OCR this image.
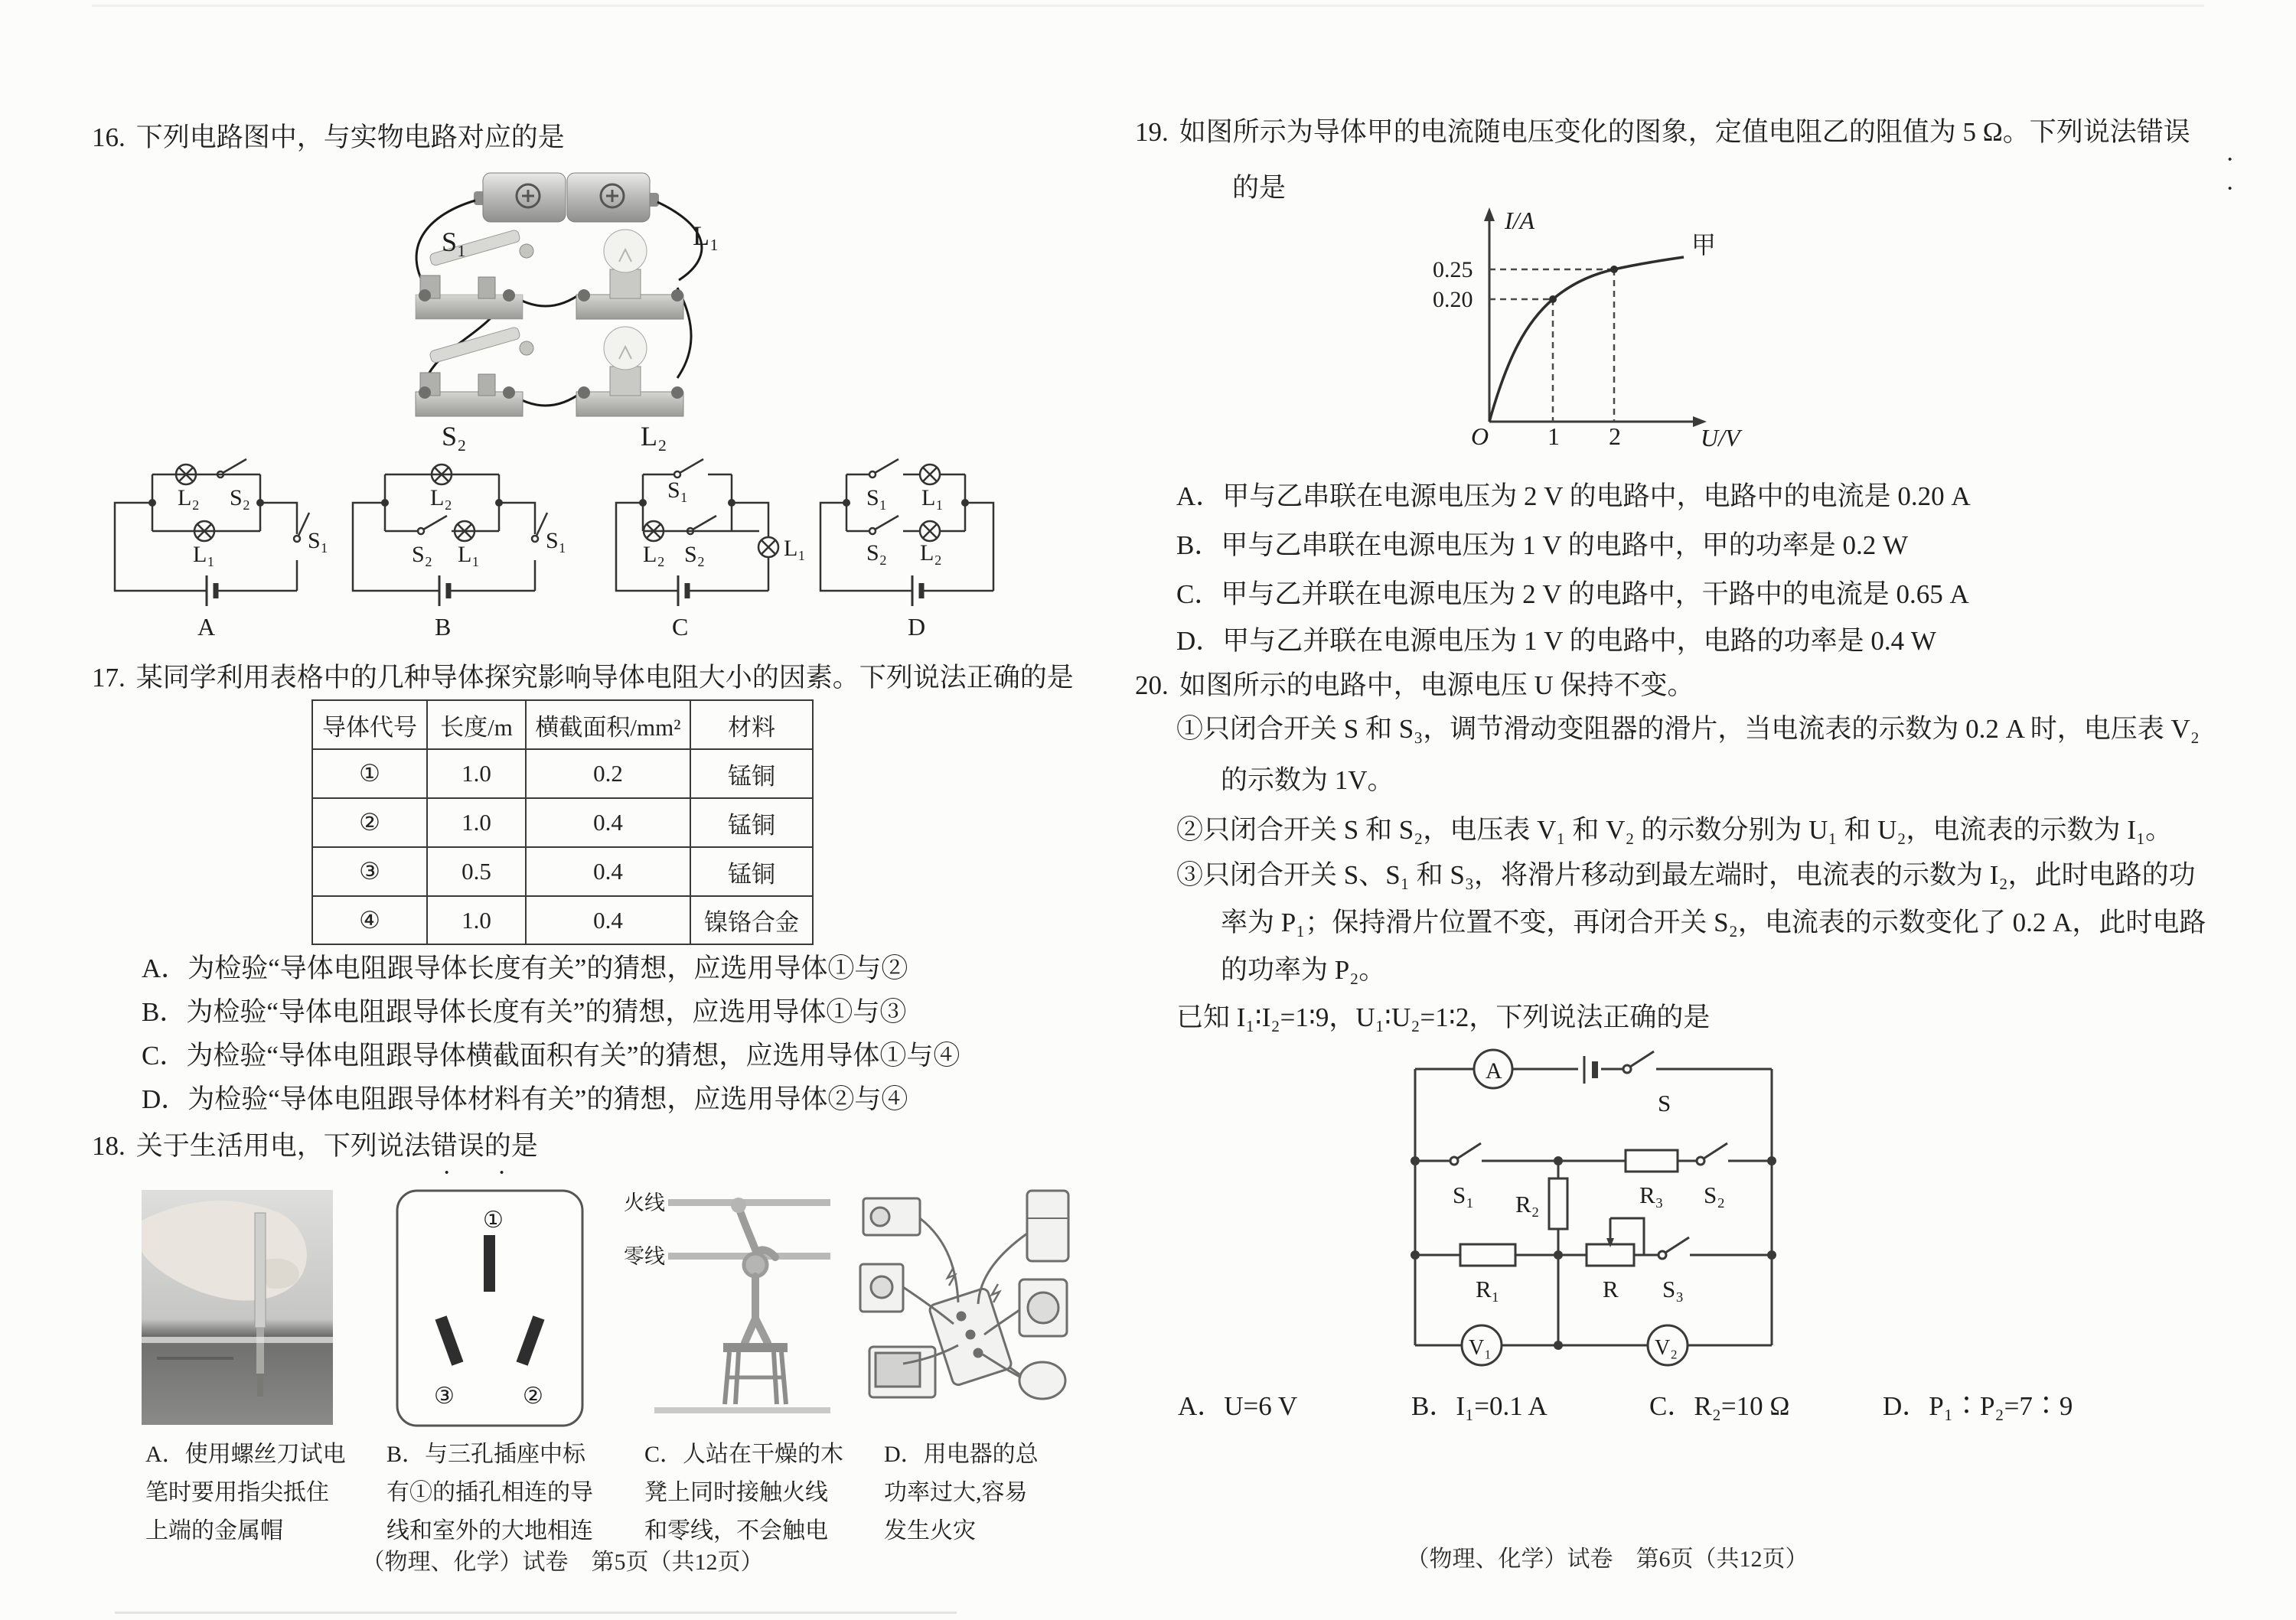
16. 下列电路图中，与实物电路对应的是
S₁	L₁
S₂	L₂
L₂ S₂
L₁
S₁
A
L₂
S₂ L₁
S₁
B
S₁
L₂ S₂	L₁
C
S₁ L₁
S₂ L₂
D
17. 某同学利用表格中的几种导体探究影响导体电阻大小的因素。下列说法正确的是
导体代号	长度/m	横截面积/mm²	材料
①	1.0	0.2	锰铜
②	1.0	0.4	锰铜
③	0.5	0.4	锰铜
④	1.0	0.4	镍铬合金
A．为检验“导体电阻跟导体长度有关”的猜想，应选用导体①与②
B．为检验“导体电阻跟导体长度有关”的猜想，应选用导体①与③
C．为检验“导体电阻跟导体横截面积有关”的猜想，应选用导体①与④
D．为检验“导体电阻跟导体材料有关”的猜想，应选用导体②与④
18. 关于生活用电，下列说法错误的是
· ·
①
③	②
火线
零线
A．使用螺丝刀试电
笔时要用指尖抵住
上端的金属帽
B．与三孔插座中标
有①的插孔相连的导
线和室外的大地相连
C．人站在干燥的木
凳上同时接触火线
和零线，不会触电
D．用电器的总
功率过大,容易
发生火灾
（物理、化学）试卷　第5页（共12页）
19. 如图所示为导体甲的电流随电压变化的图象，定值电阻乙的阻值为 5 Ω。下列说法错误
· ·
的是
I/A
U/V
O 1 2
0.25
0.20
甲
A．甲与乙串联在电源电压为 2 V 的电路中，电路中的电流是 0.20 A
B．甲与乙串联在电源电压为 1 V 的电路中，甲的功率是 0.2 W
C．甲与乙并联在电源电压为 2 V 的电路中，干路中的电流是 0.65 A
D．甲与乙并联在电源电压为 1 V 的电路中，电路的功率是 0.4 W
20. 如图所示的电路中，电源电压 U 保持不变。
①只闭合开关 S 和 S₃，调节滑动变阻器的滑片，当电流表的示数为 0.2 A 时，电压表 V₂
的示数为 1V。
②只闭合开关 S 和 S₂，电压表 V₁ 和 V₂ 的示数分别为 U₁ 和 U₂，电流表的示数为 I₁。
③只闭合开关 S、S₁ 和 S₃，将滑片移动到最左端时，电流表的示数为 I₂，此时电路的功
率为 P₁；保持滑片位置不变，再闭合开关 S₂，电流表的示数变化了 0.2 A，此时电路
的功率为 P₂。
已知 I₁∶I₂=1∶9，U₁∶U₂=1∶2，下列说法正确的是
A
V₁	V₂
S
S₁	R₃ S₂
R₂
R₁	R S₃
A．U=6 V	B．I₁=0.1 A	C．R₂=10 Ω	D．P₁∶P₂=7∶9
（物理、化学）试卷　第6页（共12页）
